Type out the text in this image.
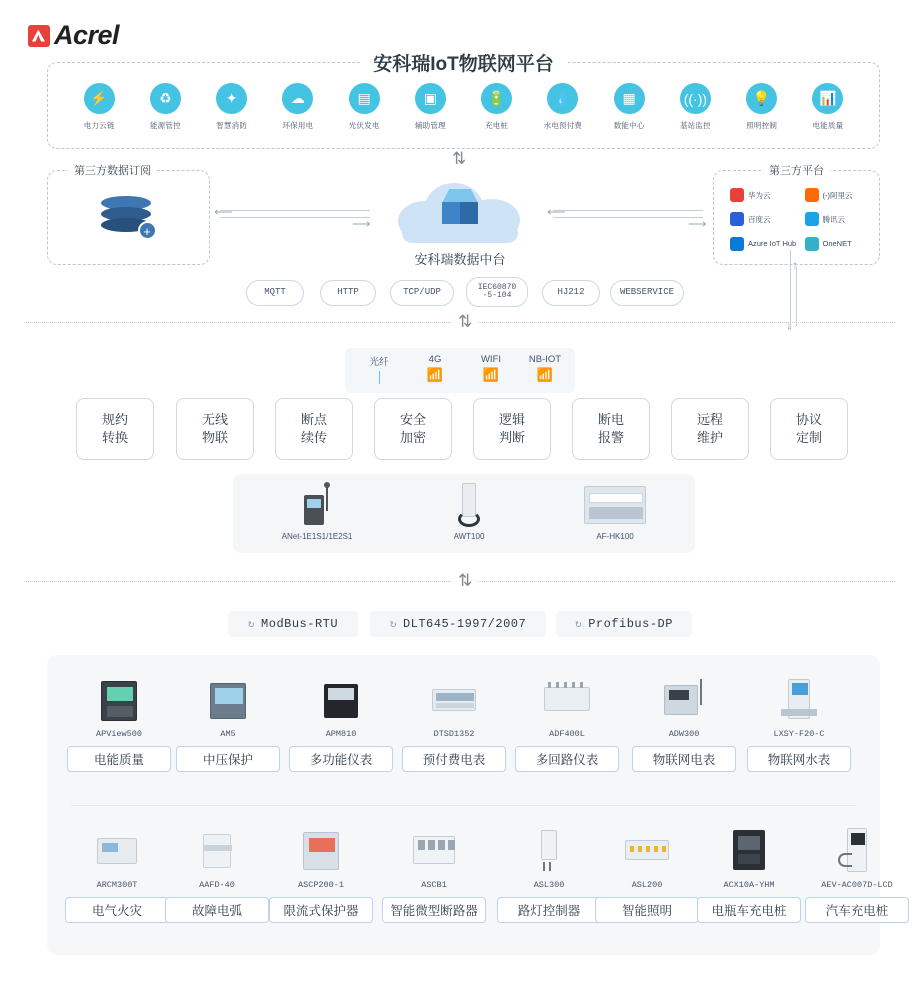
Acrel
安科瑞IoT物联网平台
⚡
电力云链
♻
能源管控
✦
智慧消防
☁
环保用电
▤
光伏发电
▣
辅助管理
🔋
充电桩
💧
水电预付费
▦
数能中心
((·))
基站监控
💡
照明控制
📊
电能质量
⇅
第三方数据订阅
+
⟵
⟶
安科瑞数据中台
⟵
⟶
第三方平台
华为云	(-)阿里云
百度云	腾讯云
Azure IoT Hub	OneNET
↓
↑
MQTT	HTTP	TCP/UDP
IEC60870
-5-104	HJ212	WEBSERVICE
⇅
光纤	4G
📶
WIFI
📶
NB-IOT
📶
规约
转换
无线
物联
断点
续传
安全
加密
逻辑
判断
断电
报警
远程
维护
协议
定制
ANet-1E1S1/1E2S1	AWT100	AF-HK100
⇅
↻ ModBus-RTU	↻ DLT645-1997/2007	↻ Profibus-DP
APView500
电能质量
AM5
中压保护
APM810
多功能仪表
DTSD1352
预付费电表
ADF400L
多回路仪表
ADW300
物联网电表
LXSY-F20-C
物联网水表
ARCM300T
电气火灾
AAFD-40
故障电弧
ASCP200-1
限流式保护器
ASCB1
智能微型断路器
ASL300
路灯控制器
ASL200
智能照明
ACX10A-YHM
电瓶车充电桩
AEV-AC007D-LCD
汽车充电桩
